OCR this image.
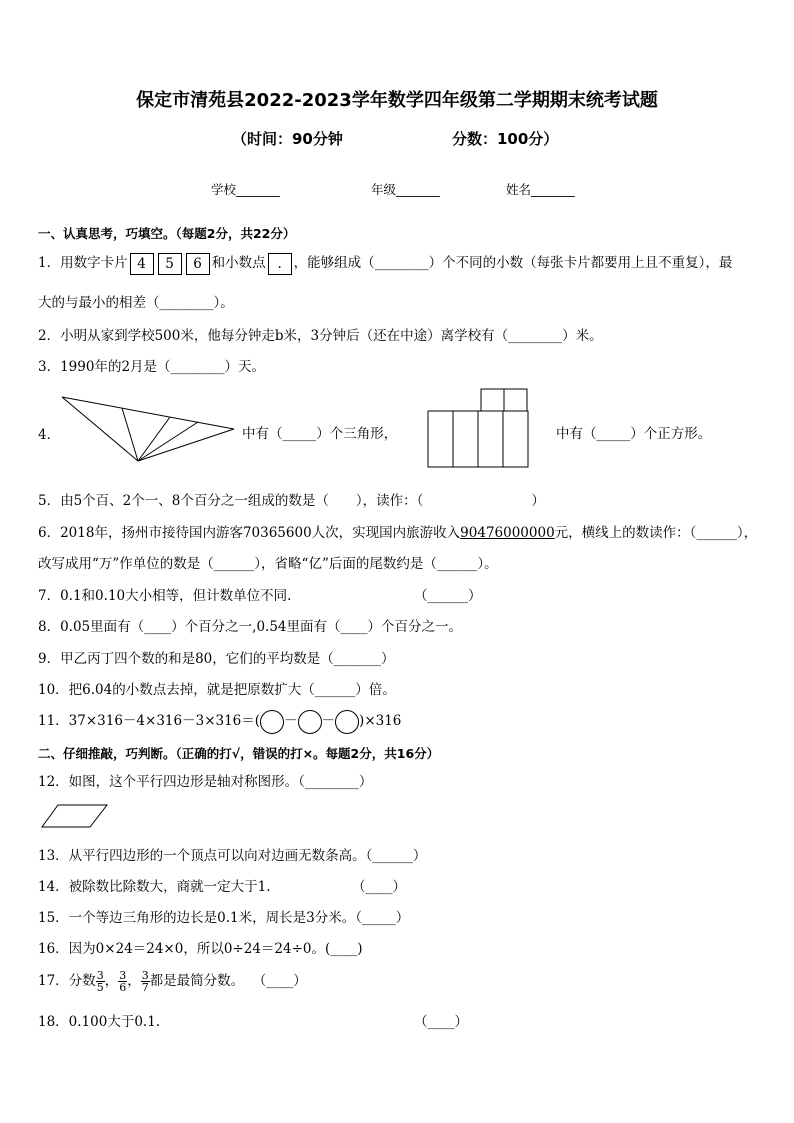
保定市清苑县2022-2023学年数学四年级第二学期期末统考试题
（时间：90分钟	分数：100分）
学校_______	年级_______	姓名_______
一、认真思考，巧填空。（每题2分，共22分）
1．用数字卡片 4 5 6 和小数点 . ，能够组成（________）个不同的小数（每张卡片都要用上且不重复），最
大的与最小的相差（________）。
2．小明从家到学校500米，他每分钟走b米，3分钟后（还在中途）离学校有（________）米。
3．1990年的2月是（________）天。
4．	中有（_____）个三角形，	中有（_____）个正方形。
5．由5个百、2个一、8个百分之一组成的数是（　　），读作：（　　　　　　　　）
6．2018年，扬州市接待国内游客70365600人次，实现国内旅游收入90476000000元，横线上的数读作：（______），
改写成用“万”作单位的数是（______），省略“亿”后面的尾数约是（______）。
7．0.1和0.10大小相等，但计数单位不同.	（______）
8．0.05里面有（____）个百分之一,0.54里面有（____）个百分之一。
9．甲乙丙丁四个数的和是80，它们的平均数是（_______）
10．把6.04的小数点去掉，就是把原数扩大（______）倍。
11．37×316－4×316－3×316＝( － － )×316
二、仔细推敲，巧判断。（正确的打√，错误的打×。每题2分，共16分）
12．如图，这个平行四边形是轴对称图形。（________）
13．从平行四边形的一个顶点可以向对边画无数条高。（______）
14．被除数比除数大，商就一定大于1.	（____）
15．一个等边三角形的边长是0.1米，周长是3分米。（_____）
16．因为0×24＝24×0，所以0÷24＝24÷0。(____)
17．分数 $\frac{3}{5}$ ， $\frac{3}{6}$ ， $\frac{3}{7}$ 都是最简分数。 （____）
18．0.100大于0.1.	（____）
